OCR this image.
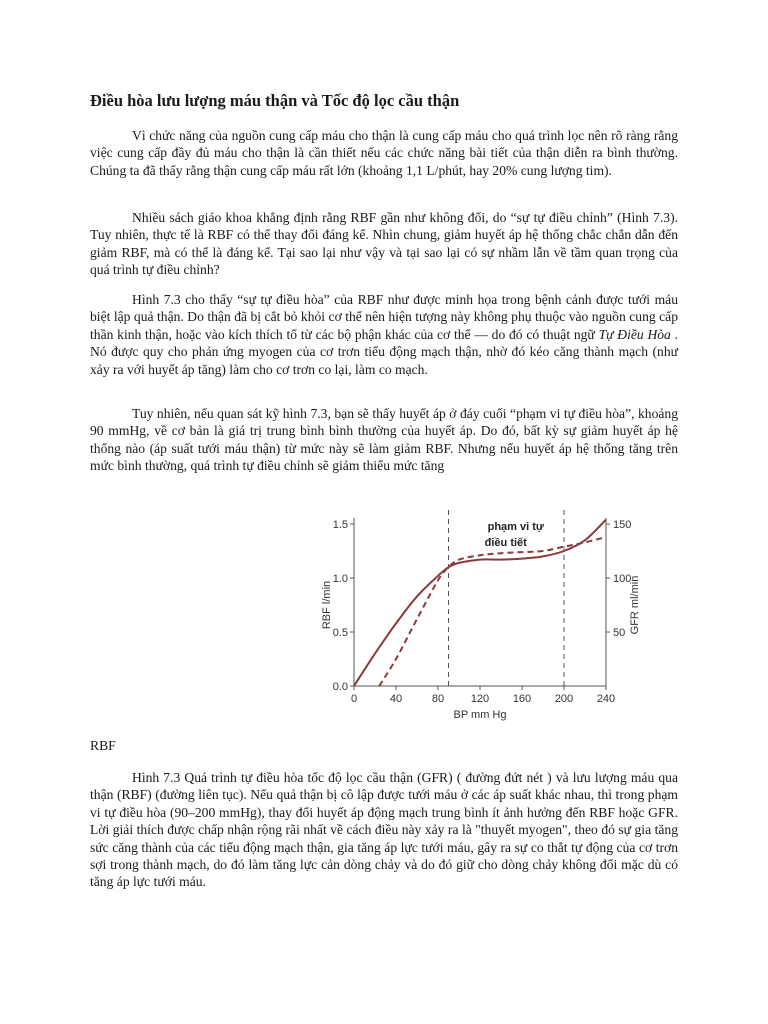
Điều hòa lưu lượng máu thận và Tốc độ lọc cầu thận

Vì chức năng của nguồn cung cấp máu cho thận là cung cấp máu cho quá trình lọc nên rõ ràng rằng việc cung cấp đầy đủ máu cho thận là cần thiết nếu các chức năng bài tiết của thận diễn ra bình thường. Chúng ta đã thấy rằng thận cung cấp máu rất lớn (khoảng 1,1 L/phút, hay 20% cung lượng tim).

Nhiều sách giáo khoa khẳng định rằng RBF gần như không đổi, do “sự tự điều chỉnh” (Hình 7.3). Tuy nhiên, thực tế là RBF có thể thay đổi đáng kể. Nhìn chung, giảm huyết áp hệ thống chắc chắn dẫn đến giảm RBF, mà có thể là đáng kể. Tại sao lại như vậy và tại sao lại có sự nhầm lẫn về tầm quan trọng của quá trình tự điều chỉnh?

Hình 7.3 cho thấy “sự tự điều hòa” của RBF như được minh họa trong bệnh cảnh được tưới máu biệt lập quả thận. Do thận đã bị cắt bỏ khỏi cơ thể nên hiện tượng này không phụ thuộc vào nguồn cung cấp thần kinh thận, hoặc vào kích thích tố từ các bộ phận khác của cơ thể — do đó có thuật ngữ Tự Điều Hòa . Nó được quy cho phản ứng myogen của cơ trơn tiểu động mạch thận, nhờ đó kéo căng thành mạch (như xảy ra với huyết áp tăng) làm cho cơ trơn co lại, làm co mạch.

Tuy nhiên, nếu quan sát kỹ hình 7.3, bạn sẽ thấy huyết áp ở đáy cuối “phạm vi tự điều hòa”, khoảng 90 mmHg, về cơ bản là giá trị trung bình bình thường của huyết áp. Do đó, bất kỳ sự giảm huyết áp hệ thống nào (áp suất tưới máu thận) từ mức này sẽ làm giảm RBF. Nhưng nếu huyết áp hệ thống tăng trên mức bình thường, quá trình tự điều chỉnh sẽ giảm thiểu mức tăng

0	40	80 120 160 200 240
0.0
0.5
1.0
1.5
50
100
150
BP mm Hg
RBF l/min	GFR ml/min
phạm vi tự
điều tiết
RBF

Hình 7.3 Quá trình tự điều hòa tốc độ lọc cầu thận (GFR) ( đường đứt nét ) và lưu lượng máu qua thận (RBF) (đường liên tục). Nếu quả thận bị cô lập được tưới máu ở các áp suất khác nhau, thì trong phạm vi tự điều hòa (90–200 mmHg), thay đổi huyết áp động mạch trung bình ít ảnh hưởng đến RBF hoặc GFR. Lời giải thích được chấp nhận rộng rãi nhất về cách điều này xảy ra là "thuyết myogen", theo đó sự gia tăng sức căng thành của các tiểu động mạch thận, gia tăng áp lực tưới máu, gây ra sự co thắt tự động của cơ trơn sợi trong thành mạch, do đó làm tăng lực cản dòng chảy và do đó giữ cho dòng chảy không đổi mặc dù có tăng áp lực tưới máu.
